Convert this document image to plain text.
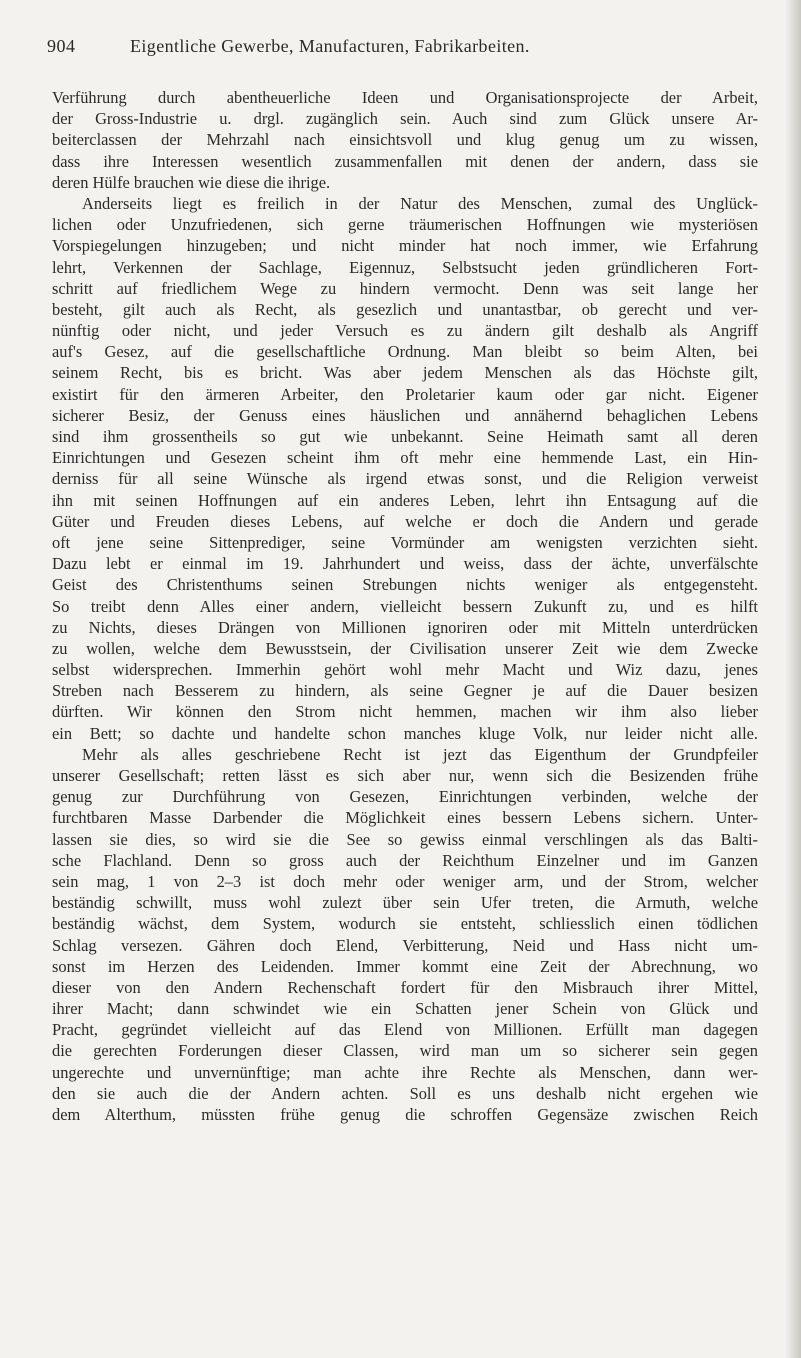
904	Eigentliche Gewerbe, Manufacturen, Fabrikarbeiten.
Verführung durch abentheuerliche Ideen und Organisationsprojecte der Arbeit,
der Gross-Industrie u. drgl. zugänglich sein. Auch sind zum Glück unsere Ar-
beiterclassen der Mehrzahl nach einsichtsvoll und klug genug um zu wissen,
dass ihre Interessen wesentlich zusammenfallen mit denen der andern, dass sie
deren Hülfe brauchen wie diese die ihrige.
Anderseits liegt es freilich in der Natur des Menschen, zumal des Unglück-
lichen oder Unzufriedenen, sich gerne träumerischen Hoffnungen wie mysteriösen
Vorspiegelungen hinzugeben; und nicht minder hat noch immer, wie Erfahrung
lehrt, Verkennen der Sachlage, Eigennuz, Selbstsucht jeden gründlicheren Fort-
schritt auf friedlichem Wege zu hindern vermocht. Denn was seit lange her
besteht, gilt auch als Recht, als gesezlich und unantastbar, ob gerecht und ver-
nünftig oder nicht, und jeder Versuch es zu ändern gilt deshalb als Angriff
auf's Gesez, auf die gesellschaftliche Ordnung. Man bleibt so beim Alten, bei
seinem Recht, bis es bricht. Was aber jedem Menschen als das Höchste gilt,
existirt für den ärmeren Arbeiter, den Proletarier kaum oder gar nicht. Eigener
sicherer Besiz, der Genuss eines häuslichen und annähernd behaglichen Lebens
sind ihm grossentheils so gut wie unbekannt. Seine Heimath samt all deren
Einrichtungen und Gesezen scheint ihm oft mehr eine hemmende Last, ein Hin-
derniss für all seine Wünsche als irgend etwas sonst, und die Religion verweist
ihn mit seinen Hoffnungen auf ein anderes Leben, lehrt ihn Entsagung auf die
Güter und Freuden dieses Lebens, auf welche er doch die Andern und gerade
oft jene seine Sittenprediger, seine Vormünder am wenigsten verzichten sieht.
Dazu lebt er einmal im 19. Jahrhundert und weiss, dass der ächte, unverfälschte
Geist des Christenthums seinen Strebungen nichts weniger als entgegensteht.
So treibt denn Alles einer andern, vielleicht bessern Zukunft zu, und es hilft
zu Nichts, dieses Drängen von Millionen ignoriren oder mit Mitteln unterdrücken
zu wollen, welche dem Bewusstsein, der Civilisation unserer Zeit wie dem Zwecke
selbst widersprechen. Immerhin gehört wohl mehr Macht und Wiz dazu, jenes
Streben nach Besserem zu hindern, als seine Gegner je auf die Dauer besizen
dürften. Wir können den Strom nicht hemmen, machen wir ihm also lieber
ein Bett; so dachte und handelte schon manches kluge Volk, nur leider nicht alle.
Mehr als alles geschriebene Recht ist jezt das Eigenthum der Grundpfeiler
unserer Gesellschaft; retten lässt es sich aber nur, wenn sich die Besizenden frühe
genug zur Durchführung von Gesezen, Einrichtungen verbinden, welche der
furchtbaren Masse Darbender die Möglichkeit eines bessern Lebens sichern. Unter-
lassen sie dies, so wird sie die See so gewiss einmal verschlingen als das Balti-
sche Flachland. Denn so gross auch der Reichthum Einzelner und im Ganzen
sein mag, 1 von 2–3 ist doch mehr oder weniger arm, und der Strom, welcher
beständig schwillt, muss wohl zulezt über sein Ufer treten, die Armuth, welche
beständig wächst, dem System, wodurch sie entsteht, schliesslich einen tödlichen
Schlag versezen. Gähren doch Elend, Verbitterung, Neid und Hass nicht um-
sonst im Herzen des Leidenden. Immer kommt eine Zeit der Abrechnung, wo
dieser von den Andern Rechenschaft fordert für den Misbrauch ihrer Mittel,
ihrer Macht; dann schwindet wie ein Schatten jener Schein von Glück und
Pracht, gegründet vielleicht auf das Elend von Millionen. Erfüllt man dagegen
die gerechten Forderungen dieser Classen, wird man um so sicherer sein gegen
ungerechte und unvernünftige; man achte ihre Rechte als Menschen, dann wer-
den sie auch die der Andern achten. Soll es uns deshalb nicht ergehen wie
dem Alterthum, müssten frühe genug die schroffen Gegensäze zwischen Reich
